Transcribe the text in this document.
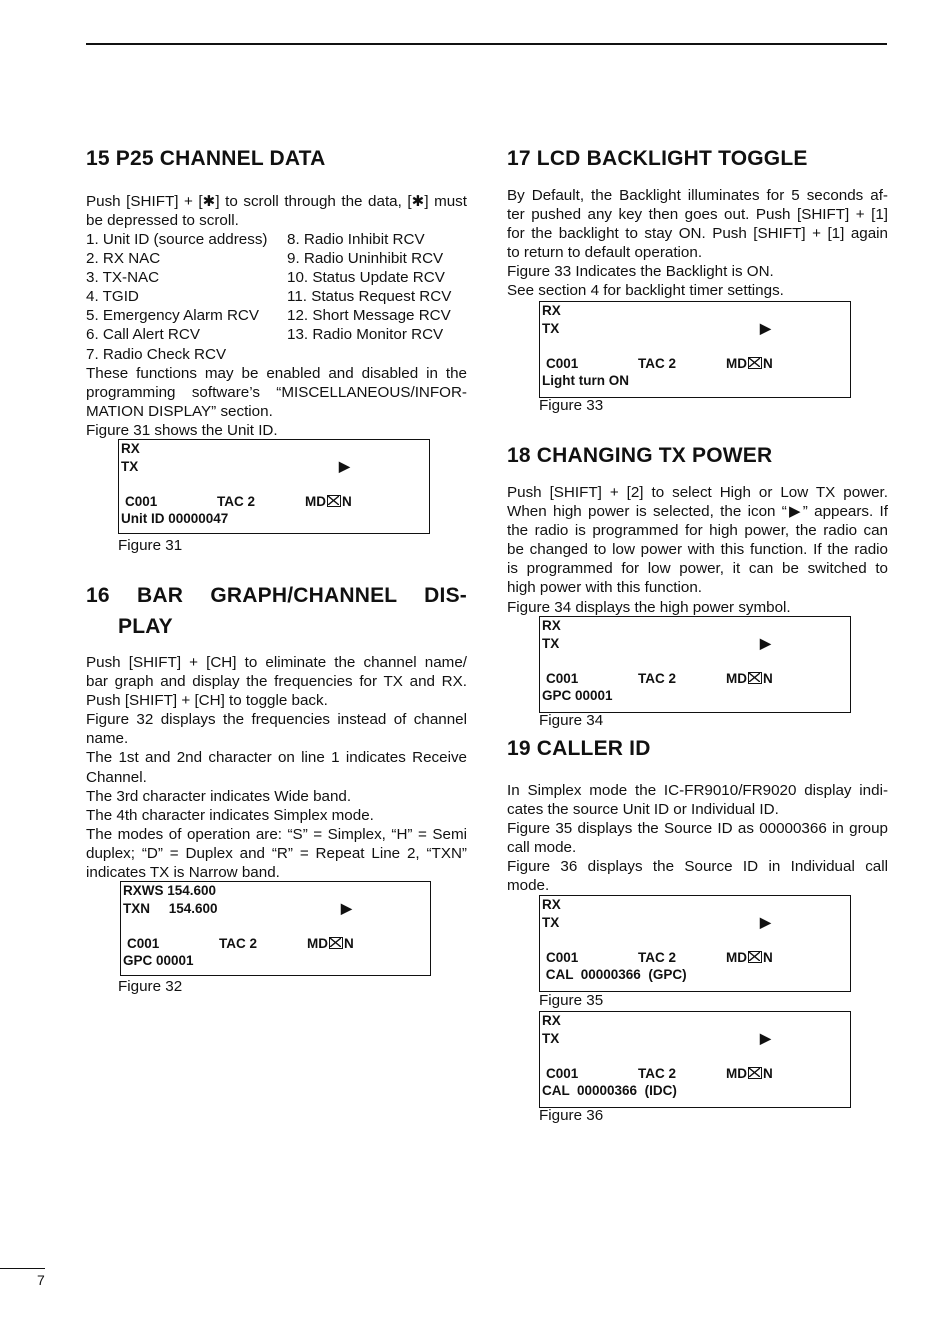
15 P25 CHANNEL DATA
Push [SHIFT] + [✱] to scroll through the data, [✱] must
be depressed to scroll.
1. Unit ID (source address) 8. Radio Inhibit RCV
2. RX NAC	9. Radio Uninhibit RCV
3. TX-NAC	10. Status Update RCV
4. TGID	11. Status Request RCV
5. Emergency Alarm RCV 12. Short Message RCV
6. Call Alert RCV	13. Radio Monitor RCV
7. Radio Check RCV
These functions may be enabled and disabled in the
programming software’s “MISCELLANEOUS/INFOR-
MATION DISPLAY” section.
Figure 31 shows the Unit ID.
RX
TX	▶
C001	TAC 2	MD☒N
Unit ID 00000047
Figure 31
16 BAR GRAPH/CHANNEL DIS-
PLAY
Push [SHIFT] + [CH] to eliminate the channel name/
bar graph and display the frequencies for TX and RX.
Push [SHIFT] + [CH] to toggle back.
Figure 32 displays the frequencies instead of channel
name.
The 1st and 2nd character on line 1 indicates Receive
Channel.
The 3rd character indicates Wide band.
The 4th character indicates Simplex mode.
The modes of operation are: “S” = Simplex, “H” = Semi
duplex; “D” = Duplex and “R” = Repeat Line 2, “TXN”
indicates TX is Narrow band.
RXWS 154.600
TXN     154.600	▶
C001	TAC 2	MD☒N
GPC 00001
Figure 32
17 LCD BACKLIGHT TOGGLE
By Default, the Backlight illuminates for 5 seconds af-
ter pushed any key then goes out. Push [SHIFT] + [1]
for the backlight to stay ON. Push [SHIFT] + [1] again
to return to default operation.
Figure 33 Indicates the Backlight is ON.
See section 4 for backlight timer settings.
RX
TX	▶
C001	TAC 2	MD☒N
Light turn ON
Figure 33
18 CHANGING TX POWER
Push [SHIFT] + [2] to select High or Low TX power.
When high power is selected, the icon “▶” appears. If
the radio is programmed for high power, the radio can
be changed to low power with this function. If the radio
is programmed for low power, it can be switched to
high power with this function.
Figure 34 displays the high power symbol.
RX
TX	▶
C001	TAC 2	MD☒N
GPC 00001
Figure 34
19 CALLER ID
In Simplex mode the IC-FR9010/FR9020 display indi-
cates the source Unit ID or Individual ID.
Figure 35 displays the Source ID as 00000366 in group
call mode.
Figure 36 displays the Source ID in Individual call
mode.
RX
TX	▶
C001	TAC 2	MD☒N
CAL  00000366  (GPC)
Figure 35
RX
TX	▶
C001	TAC 2	MD☒N
CAL  00000366  (IDC)
Figure 36
7
